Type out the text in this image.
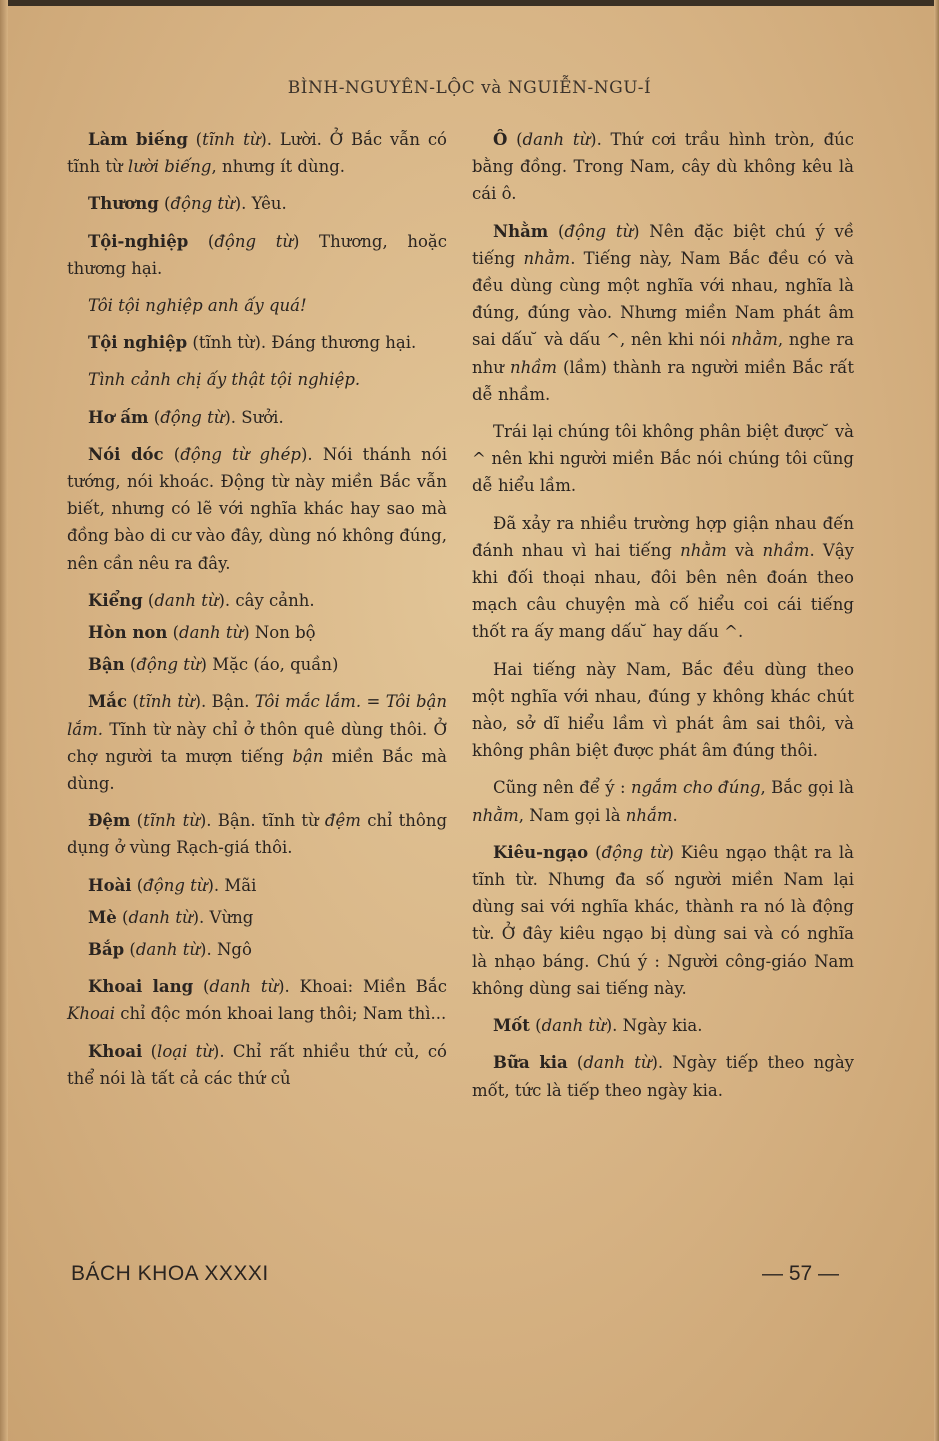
BÌNH-NGUYÊN-LỘC và NGUIỄN-NGU-Í

Làm biếng (tĩnh từ). Lười. Ở Bắc vẫn có tĩnh từ lười biếng, nhưng ít dùng.

Thương (động từ). Yêu.

Tội-nghiệp (động từ) Thương, hoặc thương hại.

Tôi tội nghiệp anh ấy quá!

Tội nghiệp (tĩnh từ). Đáng thương hại.

Tình cảnh chị ấy thật tội nghiệp.

Hơ ấm (động từ). Sưởi.

Nói dóc (động từ ghép). Nói thánh nói tướng, nói khoác. Động từ này miền Bắc vẫn biết, nhưng có lẽ với nghĩa khác hay sao mà đồng bào di cư vào đây, dùng nó không đúng, nên cần nêu ra đây.

Kiểng (danh từ). cây cảnh.

Hòn non (danh từ) Non bộ

Bận (động từ) Mặc (áo, quần)

Mắc (tĩnh từ). Bận. Tôi mắc lắm. = Tôi bận lắm. Tĩnh từ này chỉ ở thôn quê dùng thôi. Ở chợ người ta mượn tiếng bận miền Bắc mà dùng.

Đệm (tĩnh từ). Bận. tĩnh từ đệm chỉ thông dụng ở vùng Rạch-giá thôi.

Hoài (động từ). Mãi

Mè (danh từ). Vừng

Bắp (danh từ). Ngô

Khoai lang (danh từ). Khoai: Miền Bắc Khoai chỉ độc món khoai lang thôi; Nam thì...

Khoai (loại từ). Chỉ rất nhiều thứ củ, có thể nói là tất cả các thứ củ

Ô (danh từ). Thứ cơi trầu hình tròn, đúc bằng đồng. Trong Nam, cây dù không kêu là cái ô.

Nhằm (động từ) Nên đặc biệt chú ý về tiếng nhằm. Tiếng này, Nam Bắc đều có và đều dùng cùng một nghĩa với nhau, nghĩa là đúng, đúng vào. Nhưng miền Nam phát âm sai dấu ̆ và dấu ^, nên khi nói nhằm, nghe ra như nhầm (lầm) thành ra người miền Bắc rất dễ nhầm.

Trái lại chúng tôi không phân biệt được ̆ và ^ nên khi người miền Bắc nói chúng tôi cũng dễ hiểu lầm.

Đã xảy ra nhiều trường hợp giận nhau đến đánh nhau vì hai tiếng nhằm và nhầm. Vậy khi đối thoại nhau, đôi bên nên đoán theo mạch câu chuyện mà cố hiểu coi cái tiếng thốt ra ấy mang dấu ̆ hay dấu ^.

Hai tiếng này Nam, Bắc đều dùng theo một nghĩa với nhau, đúng y không khác chút nào, sở dĩ hiểu lầm vì phát âm sai thôi, và không phân biệt được phát âm đúng thôi.

Cũng nên để ý : ngắm cho đúng, Bắc gọi là nhằm, Nam gọi là nhắm.

Kiêu-ngạo (động từ) Kiêu ngạo thật ra là tĩnh từ. Nhưng đa số người miền Nam lại dùng sai với nghĩa khác, thành ra nó là động từ. Ở đây kiêu ngạo bị dùng sai và có nghĩa là nhạo báng. Chú ý : Người công-giáo Nam không dùng sai tiếng này.

Mốt (danh từ). Ngày kia.

Bữa kia (danh từ). Ngày tiếp theo ngày mốt, tức là tiếp theo ngày kia.

BÁCH KHOA XXXXI	— 57 —
